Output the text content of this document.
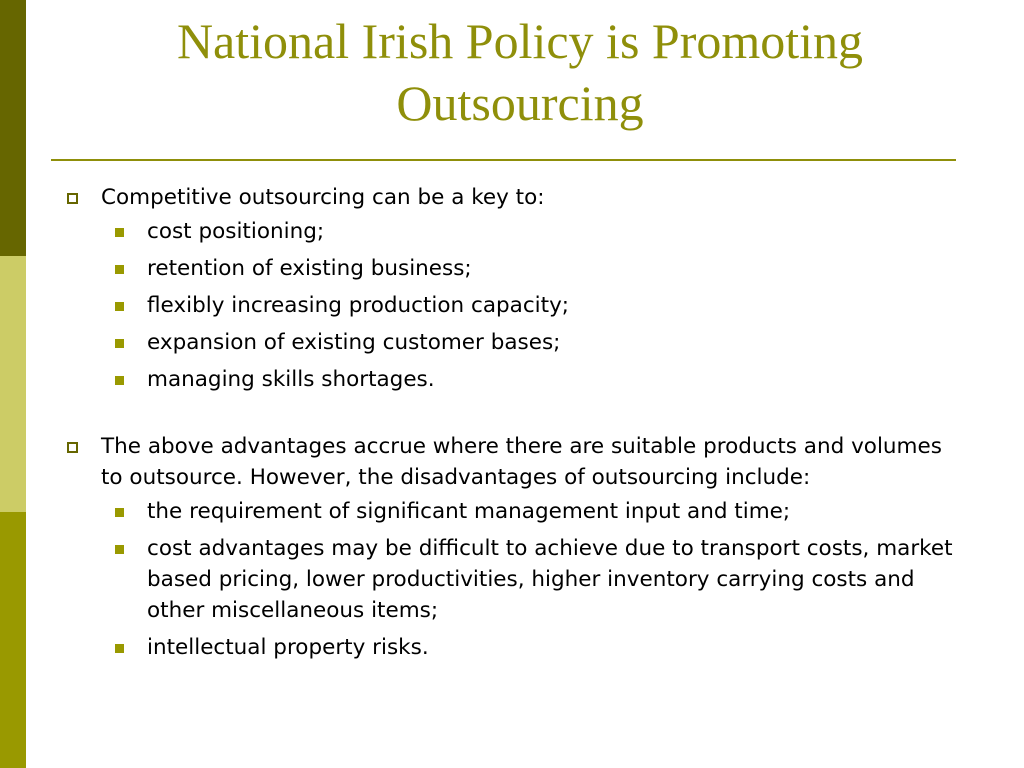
National Irish Policy is Promoting Outsourcing
Competitive outsourcing can be a key to:
cost positioning;
retention of existing business;
flexibly increasing production capacity;
expansion of existing customer bases;
managing skills shortages.
The above advantages accrue where there are suitable products and volumes to outsource. However, the disadvantages of outsourcing include:
the requirement of significant management input and time;
cost advantages may be difficult to achieve due to transport costs, market based pricing, lower productivities, higher inventory carrying costs and other miscellaneous items;
intellectual property risks.
